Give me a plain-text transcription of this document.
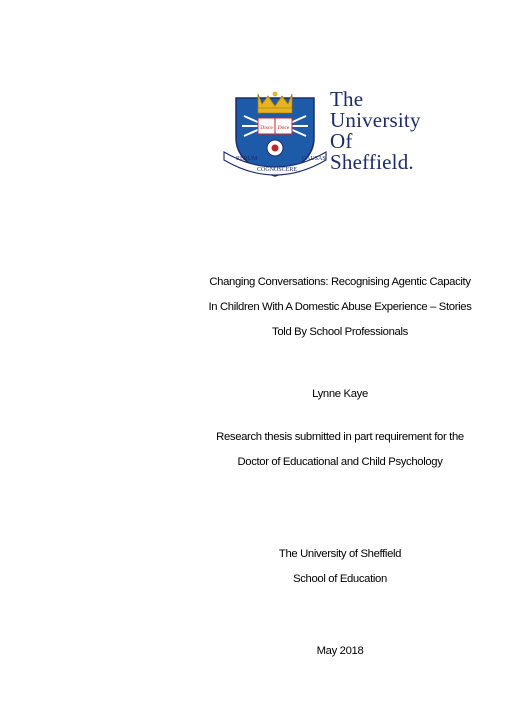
Disce Doce
RERUM
COGNOSCERE
CAUSAS
The
University
Of
Sheffield.
Changing Conversations: Recognising Agentic Capacity
In Children With A Domestic Abuse Experience – Stories
Told By School Professionals
Lynne Kaye
Research thesis submitted in part requirement for the
Doctor of Educational and Child Psychology
The University of Sheffield
School of Education
May 2018
